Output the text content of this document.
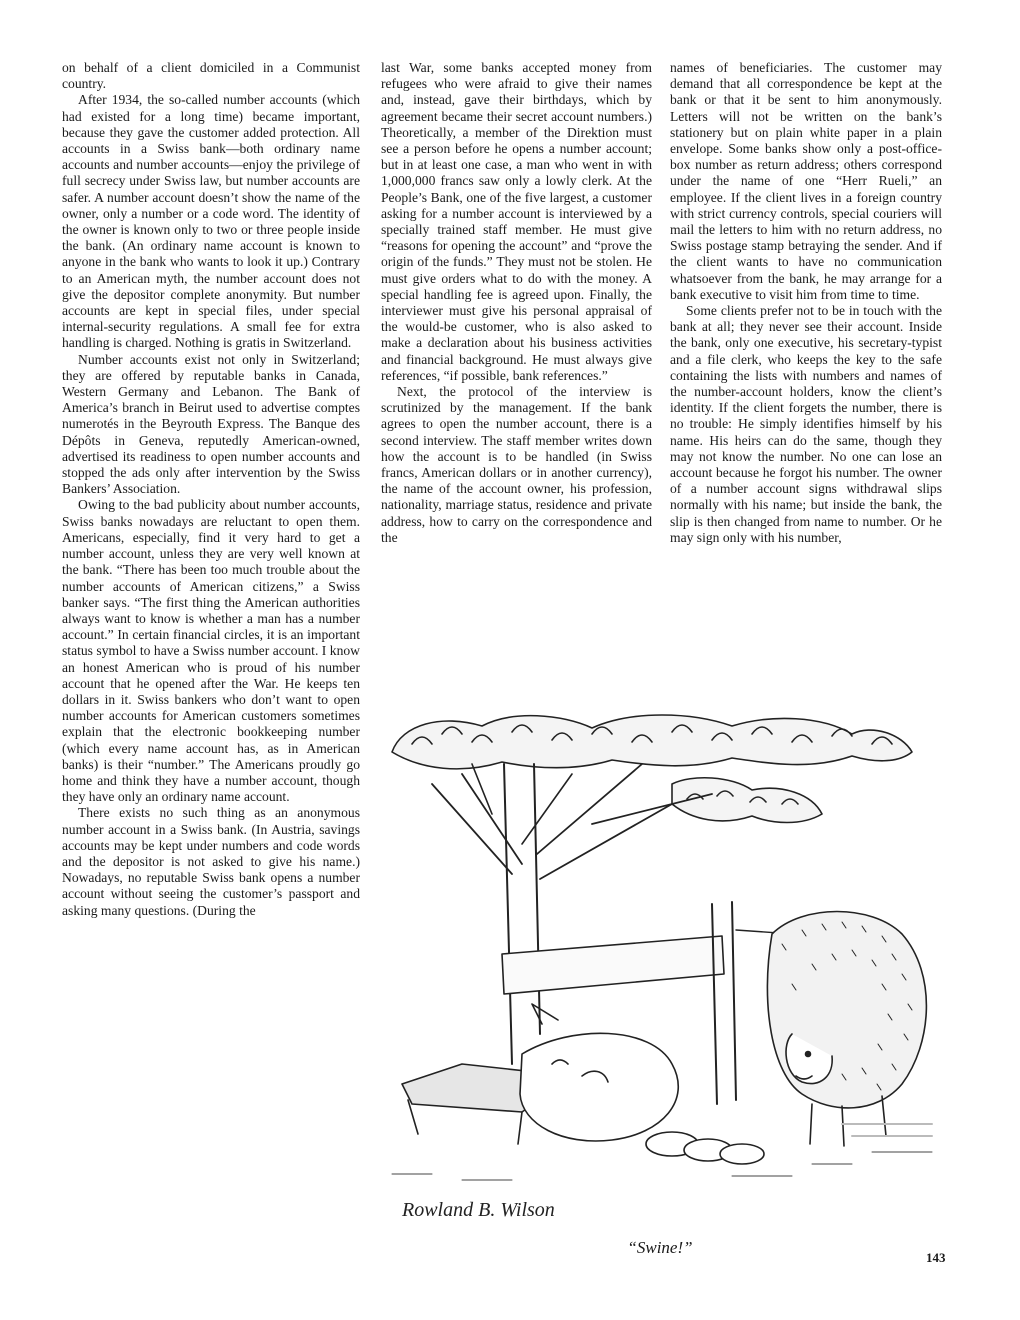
on behalf of a client domiciled in a Communist country.

After 1934, the so-called number accounts (which had existed for a long time) became important, because they gave the customer added protection. All accounts in a Swiss bank—both ordinary name accounts and number accounts—enjoy the privilege of full secrecy under Swiss law, but number accounts are safer. A number account doesn’t show the name of the owner, only a number or a code word. The identity of the owner is known only to two or three people inside the bank. (An ordinary name account is known to anyone in the bank who wants to look it up.) Contrary to an American myth, the number account does not give the depositor complete anonymity. But number accounts are kept in special files, under special internal-security regulations. A small fee for extra handling is charged. Nothing is gratis in Switzerland.

Number accounts exist not only in Switzerland; they are offered by reputable banks in Canada, Western Germany and Lebanon. The Bank of America’s branch in Beirut used to advertise comptes numerotés in the Beyrouth Express. The Banque des Dépôts in Geneva, reputedly American-owned, advertised its readiness to open number accounts and stopped the ads only after intervention by the Swiss Bankers’ Association.

Owing to the bad publicity about number accounts, Swiss banks nowadays are reluctant to open them. Americans, especially, find it very hard to get a number account, unless they are very well known at the bank. “There has been too much trouble about the number accounts of American citizens,” a Swiss banker says. “The first thing the American authorities always want to know is whether a man has a number account.” In certain financial circles, it is an important status symbol to have a Swiss number account. I know an honest American who is proud of his number account that he opened after the War. He keeps ten dollars in it. Swiss bankers who don’t want to open number accounts for American customers sometimes explain that the electronic bookkeeping number (which every name account has, as in American banks) is their “number.” The Americans proudly go home and think they have a number account, though they have only an ordinary name account.

There exists no such thing as an anonymous number account in a Swiss bank. (In Austria, savings accounts may be kept under numbers and code words and the depositor is not asked to give his name.) Nowadays, no reputable Swiss bank opens a number account without seeing the customer’s passport and asking many questions. (During the

last War, some banks accepted money from refugees who were afraid to give their names and, instead, gave their birthdays, which by agreement became their secret account numbers.) Theoretically, a member of the Direktion must see a person before he opens a number account; but in at least one case, a man who went in with 1,000,000 francs saw only a lowly clerk. At the People’s Bank, one of the five largest, a customer asking for a number account is interviewed by a specially trained staff member. He must give “reasons for opening the account” and “prove the origin of the funds.” They must not be stolen. He must give orders what to do with the money. A special handling fee is agreed upon. Finally, the interviewer must give his personal appraisal of the would-be customer, who is also asked to make a declaration about his business activities and financial background. He must always give references, “if possible, bank references.”

Next, the protocol of the interview is scrutinized by the management. If the bank agrees to open the number account, there is a second interview. The staff member writes down how the account is to be handled (in Swiss francs, American dollars or in another currency), the name of the account owner, his profession, nationality, marriage status, residence and private address, how to carry on the correspondence and the

names of beneficiaries. The customer may demand that all correspondence be kept at the bank or that it be sent to him anonymously. Letters will not be written on the bank’s stationery but on plain white paper in a plain envelope. Some banks show only a post-office-box number as return address; others correspond under the name of one “Herr Rueli,” an employee. If the client lives in a foreign country with strict currency controls, special couriers will mail the letters to him with no return address, no Swiss postage stamp betraying the sender. And if the client wants to have no communication whatsoever from the bank, he may arrange for a bank executive to visit him from time to time.

Some clients prefer not to be in touch with the bank at all; they never see their account. Inside the bank, only one executive, his secretary-typist and a file clerk, who keeps the key to the safe containing the lists with numbers and names of the number-account holders, know the client’s identity. If the client forgets the number, there is no trouble: He simply identifies himself by his name. His heirs can do the same, though they may not know the number. No one can lose an account because he forgot his number. The owner of a number account signs withdrawal slips normally with his name; but inside the bank, the slip is then changed from name to number. Or he may sign only with his number,

Rowland B. Wilson
“Swine!”
143
